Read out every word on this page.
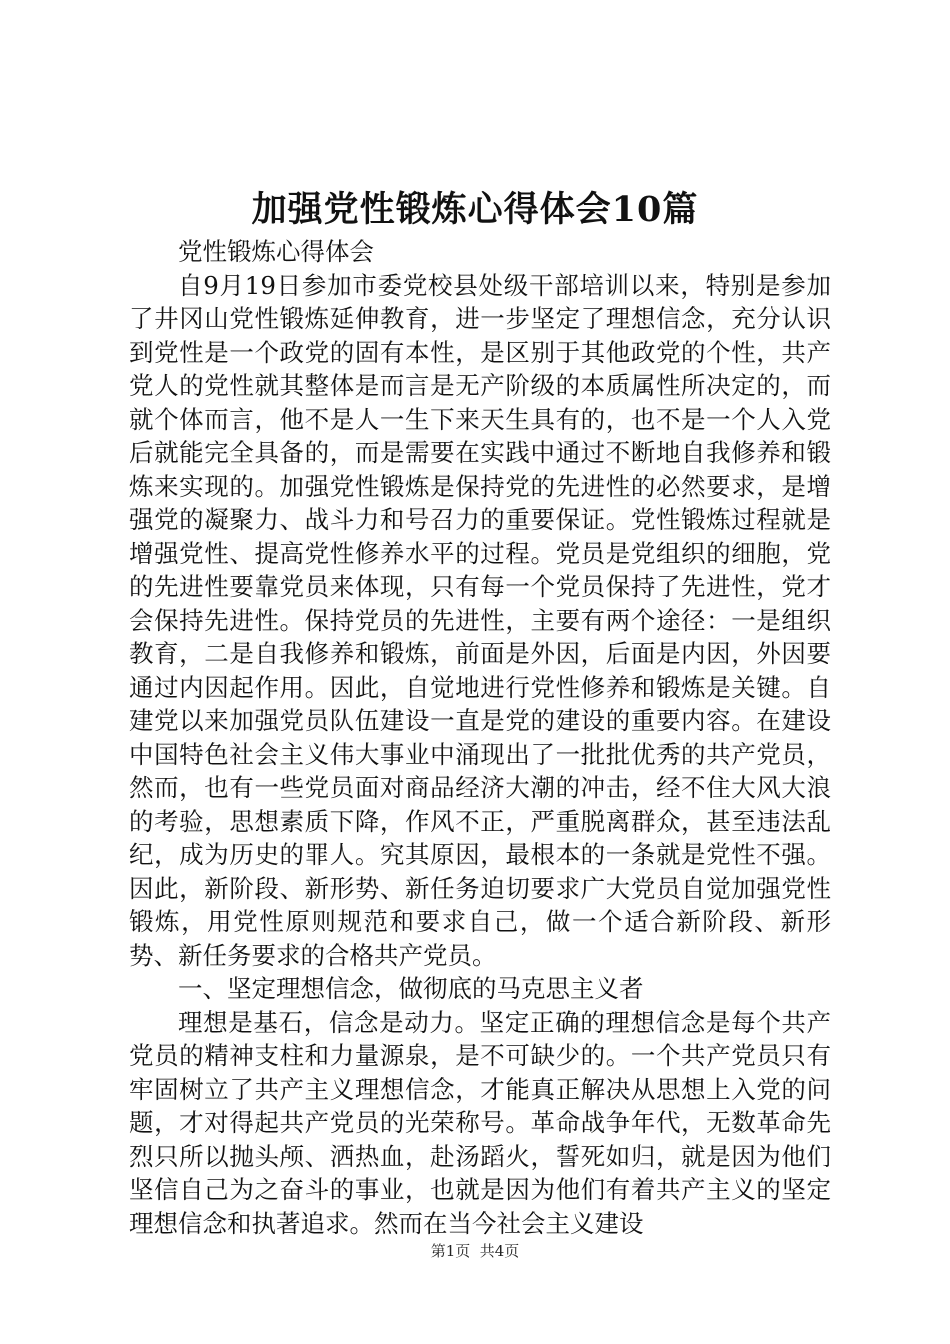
加强党性锻炼心得体会10篇

党性锻炼心得体会

自9月19日参加市委党校县处级干部培训以来，特别是参加了井冈山党性锻炼延伸教育，进一步坚定了理想信念，充分认识到党性是一个政党的固有本性，是区别于其他政党的个性，共产党人的党性就其整体是而言是无产阶级的本质属性所决定的，而就个体而言，他不是人一生下来天生具有的，也不是一个人入党后就能完全具备的，而是需要在实践中通过不断地自我修养和锻炼来实现的。加强党性锻炼是保持党的先进性的必然要求，是增强党的凝聚力、战斗力和号召力的重要保证。党性锻炼过程就是增强党性、提高党性修养水平的过程。党员是党组织的细胞，党的先进性要靠党员来体现，只有每一个党员保持了先进性，党才会保持先进性。保持党员的先进性，主要有两个途径：一是组织教育，二是自我修养和锻炼，前面是外因，后面是内因，外因要通过内因起作用。因此，自觉地进行党性修养和锻炼是关键。自建党以来加强党员队伍建设一直是党的建设的重要内容。在建设中国特色社会主义伟大事业中涌现出了一批批优秀的共产党员，然而，也有一些党员面对商品经济大潮的冲击，经不住大风大浪的考验，思想素质下降，作风不正，严重脱离群众，甚至违法乱纪，成为历史的罪人。究其原因，最根本的一条就是党性不强。因此，新阶段、新形势、新任务迫切要求广大党员自觉加强党性锻炼，用党性原则规范和要求自己，做一个适合新阶段、新形势、新任务要求的合格共产党员。

一、坚定理想信念，做彻底的马克思主义者

理想是基石，信念是动力。坚定正确的理想信念是每个共产党员的精神支柱和力量源泉，是不可缺少的。一个共产党员只有牢固树立了共产主义理想信念，才能真正解决从思想上入党的问题，才对得起共产党员的光荣称号。革命战争年代，无数革命先烈只所以抛头颅、洒热血，赴汤蹈火，誓死如归，就是因为他们坚信自己为之奋斗的事业，也就是因为他们有着共产主义的坚定理想信念和执著追求。然而在当今社会主义建设

第1页  共4页
